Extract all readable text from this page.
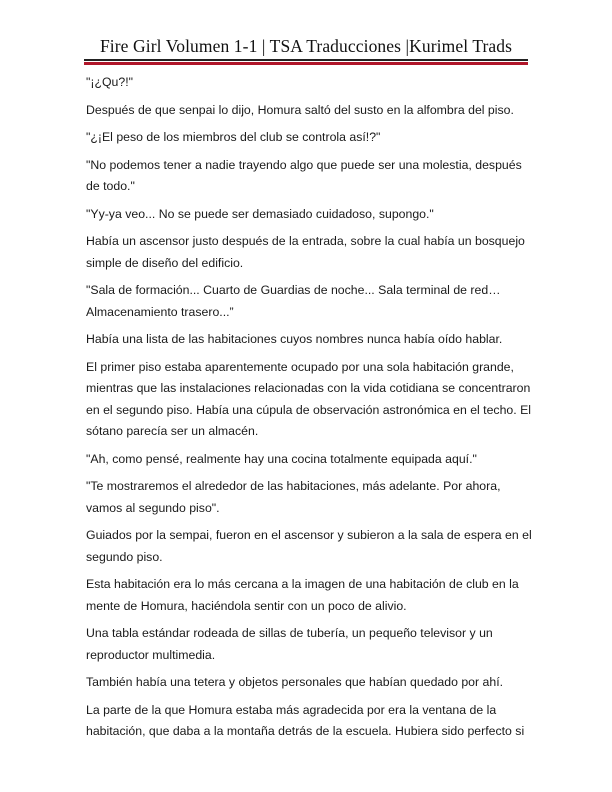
Fire Girl Volumen 1-1 | TSA Traducciones |Kurimel Trads

"¡¿Qu?!"

Después de que senpai lo dijo, Homura saltó del susto en la alfombra del piso.

"¿¡El peso de los miembros del club se controla así!?"

"No podemos tener a nadie trayendo algo que puede ser una molestia, después de todo."

"Yy-ya veo... No se puede ser demasiado cuidadoso, supongo."

Había un ascensor justo después de la entrada, sobre la cual había un bosquejo simple de diseño del edificio.

"Sala de formación... Cuarto de Guardias de noche... Sala terminal de red… Almacenamiento trasero...”

Había una lista de las habitaciones cuyos nombres nunca había oído hablar.

El primer piso estaba aparentemente ocupado por una sola habitación grande, mientras que las instalaciones relacionadas con la vida cotidiana se concentraron en el segundo piso. Había una cúpula de observación astronómica en el techo. El sótano parecía ser un almacén.

"Ah, como pensé, realmente hay una cocina totalmente equipada aquí."

"Te mostraremos el alrededor de las habitaciones, más adelante. Por ahora, vamos al segundo piso".

Guiados por la sempai, fueron en el ascensor y subieron a la sala de espera en el segundo piso.

Esta habitación era lo más cercana a la imagen de una habitación de club en la mente de Homura, haciéndola sentir con un poco de alivio.

Una tabla estándar rodeada de sillas de tubería, un pequeño televisor y un reproductor multimedia.

También había una tetera y objetos personales que habían quedado por ahí.

La parte de la que Homura estaba más agradecida por era la ventana de la habitación, que daba a la montaña detrás de la escuela. Hubiera sido perfecto si
